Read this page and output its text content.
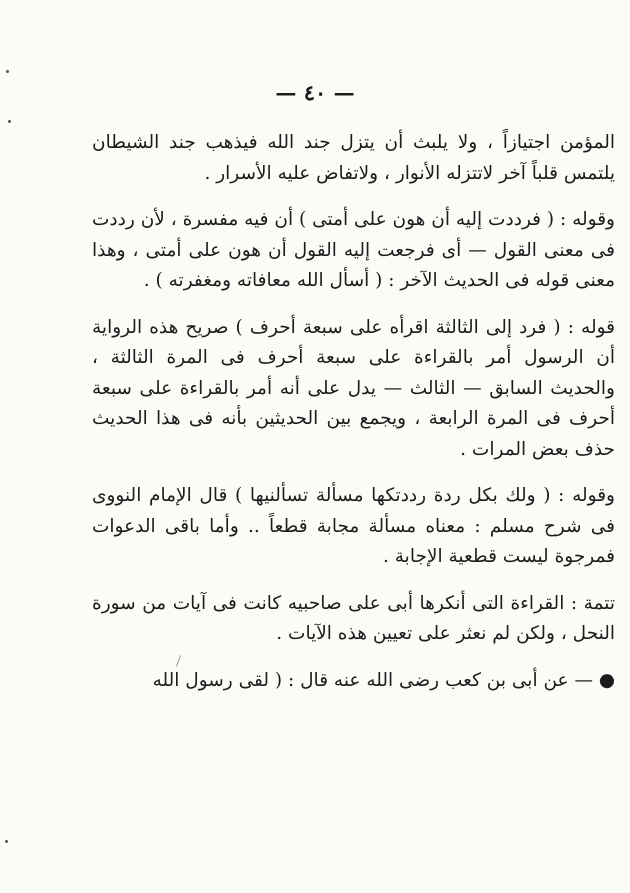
— ٤٠ —

المؤمن اجتيازاً ، ولا يلبث أن يتزل جند الله فيذهب جند الشيطان يلتمس قلباً آخر لاتتزله الأنوار ، ولاتفاض عليه الأسرار .

وقوله : ( فرددت إليه أن هون على أمتى ) أن فيه مفسرة ، لأن رددت فى معنى القول — أى فرجعت إليه القول أن هون على أمتى ، وهذا معنى قوله فى الحديث الآخر : ( أسأل الله معافاته ومغفرته ) .

قوله : ( فرد إلى الثالثة اقرأه على سبعة أحرف ) صريح هذه الرواية أن الرسول أمر بالقراءة على سبعة أحرف فى المرة الثالثة ، والحديث السابق — الثالث — يدل على أنه أمر بالقراءة على سبعة أحرف فى المرة الرابعة ، ويجمع بين الحديثين بأنه فى هذا الحديث حذف بعض المرات .

وقوله : ( ولك بكل ردة رددتكها مسألة تسألنيها ) قال الإمام النووى فى شرح مسلم : معناه مسألة مجابة قطعاً .. وأما باقى الدعوات فمرجوة ليست قطعية الإجابة .

تتمة : القراءة التى أنكرها أبى على صاحبيه كانت فى آيات من سورة النحل ، ولكن لم نعثر على تعيين هذه الآيات .

● — عن أبى بن كعب رضى الله عنه قال : ( لقى رسول الله
